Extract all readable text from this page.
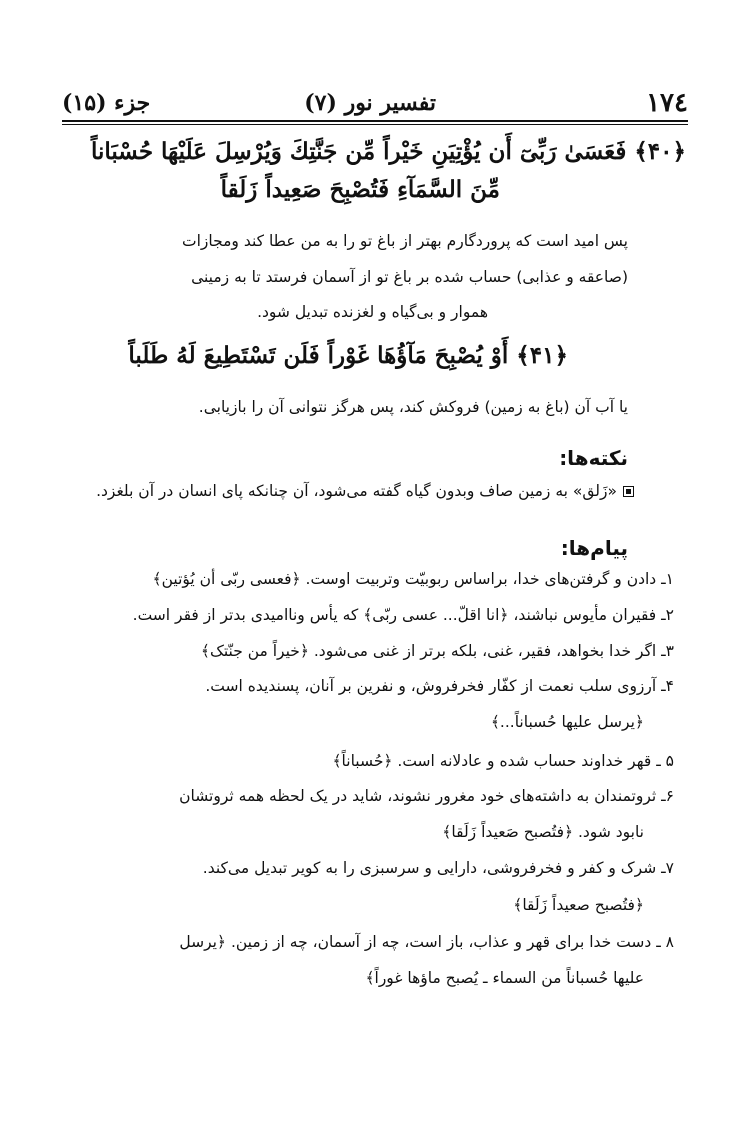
۱۷٤
تفسیر نور (۷)
جزء (۱۵)
﴿۴۰﴾ فَعَسَىٰ رَبِّىٓ أَن يُؤْتِيَنِ خَيْراً مِّن جَنَّتِكَ وَيُرْسِلَ عَلَيْهَا حُسْبَاناً
مِّنَ السَّمَآءِ فَتُصْبِحَ صَعِيداً زَلَقاً
پس امید است که پروردگارم بهتر از باغ تو را به من عطا کند ومجازات
(صاعقه و عذابی) حساب شده بر باغ تو از آسمان فرستد تا به زمینی
هموار و بی‌گیاه و لغزنده تبدیل شود.
﴿۴۱﴾ أَوْ يُصْبِحَ مَآؤُهَا غَوْراً فَلَن تَسْتَطِيعَ لَهُ طَلَباً
یا آب آن (باغ به زمین) فروکش کند، پس هرگز نتوانی آن را بازیابی.
نکته‌ها:
«زَلق» به زمین صاف وبدون گیاه گفته می‌شود، آن چنانکه پای انسان در آن بلغزد.
پیام‌ها:
۱ـ دادن و گرفتن‌های خدا، براساس ربوبیّت وتربیت اوست. ﴿فعسی ربّی أن یُؤتین﴾
۲ـ فقیران مأیوس نباشند، ﴿انا اقلّ... عسی ربّی﴾ که یأس وناامیدی بدتر از فقر است.
۳ـ اگر خدا بخواهد، فقیر، غنی، بلکه برتر از غنی می‌شود. ﴿خیراً من جنّتک﴾
۴ـ آرزوی سلب نعمت از کفّار فخرفروش، و نفرین بر آنان، پسندیده است.
﴿یرسل علیها حُسباناً...﴾
۵ ـ قهر خداوند حساب شده و عادلانه است. ﴿حُسباناً﴾
۶ـ ثروتمندان به داشته‌های خود مغرور نشوند، شاید در یک لحظه همه ثروتشان
نابود شود. ﴿فتُصبح صَعیداً زَلَقا﴾
۷ـ شرک و کفر و فخرفروشی، دارایی و سرسبزی را به کویر تبدیل می‌کند.
﴿فتُصبح صعیداً زَلَقا﴾
۸ ـ دست خدا برای قهر و عذاب، باز است، چه از آسمان، چه از زمین. ﴿یرسل
علیها حُسباناً من السماء ـ یُصبح ماؤها غوراً﴾
